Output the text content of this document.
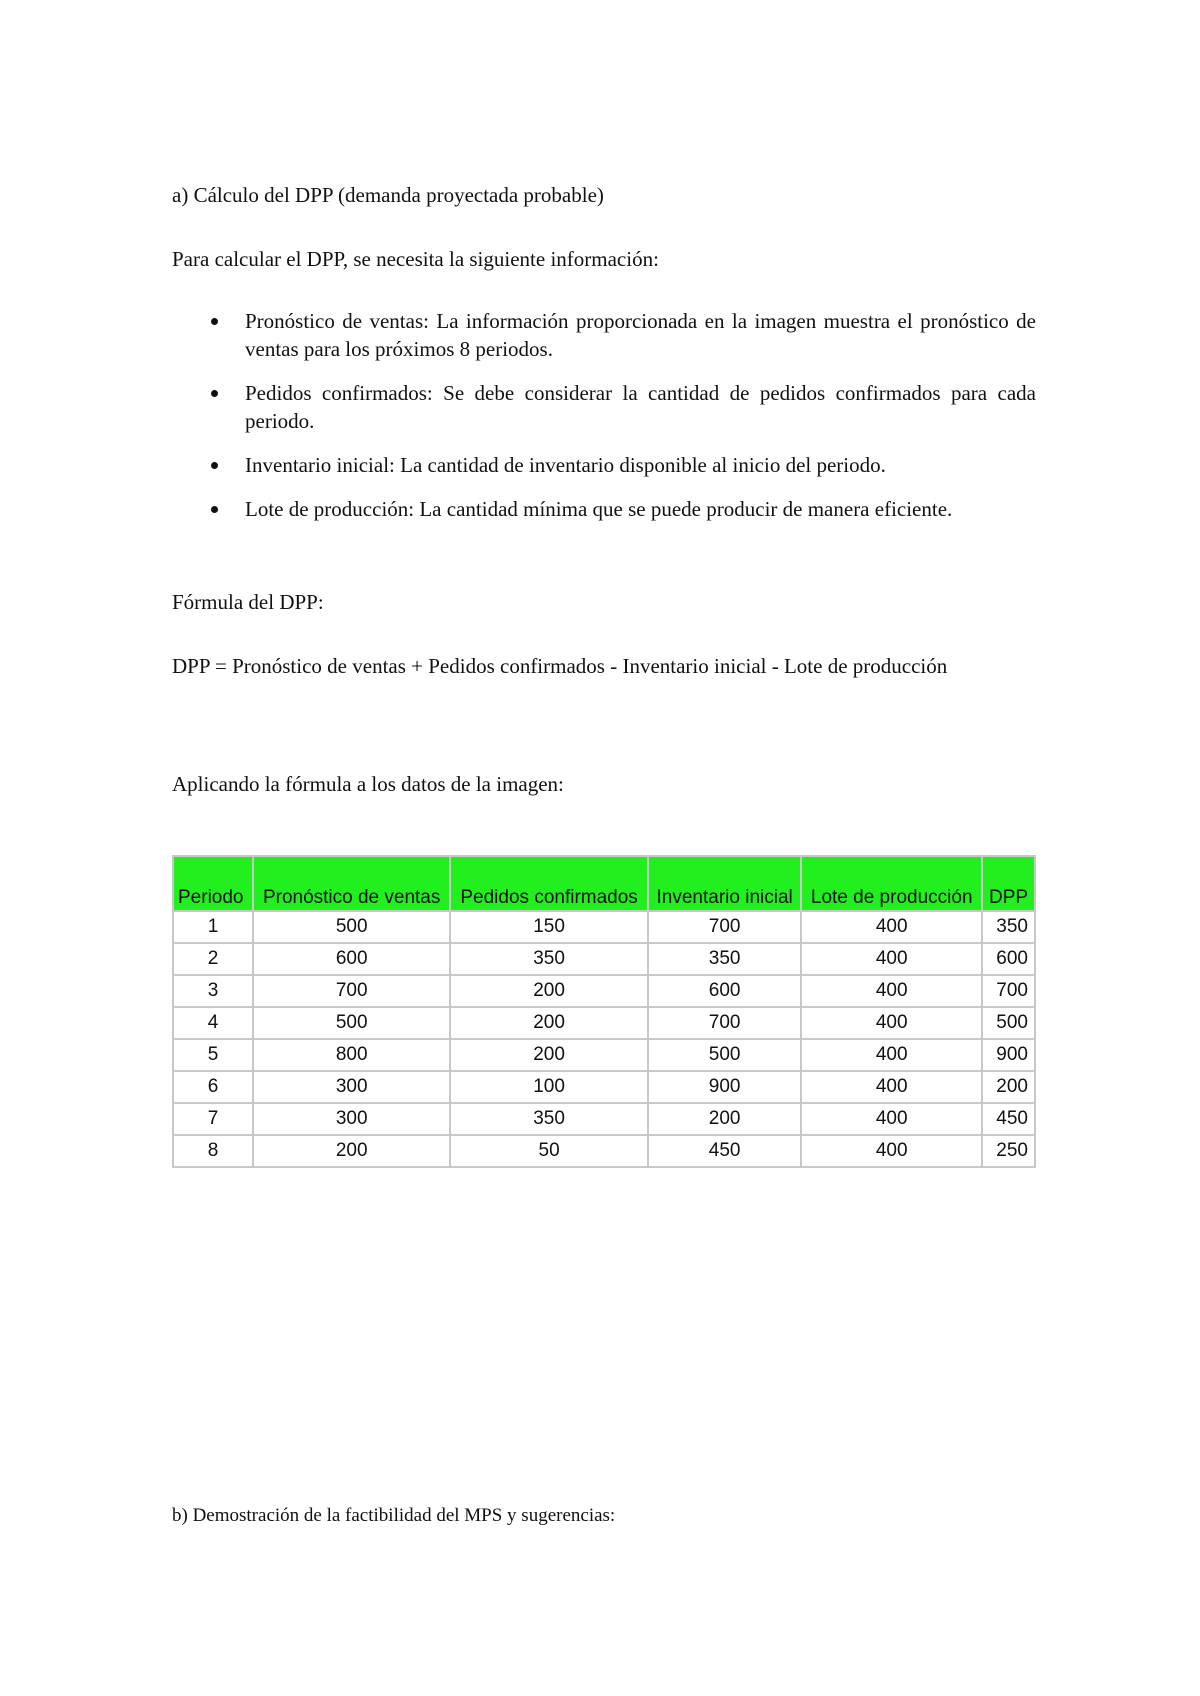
a) Cálculo del DPP (demanda proyectada probable)

Para calcular el DPP, se necesita la siguiente información:

Pronóstico de ventas: La información proporcionada en la imagen muestra el pronóstico de ventas para los próximos 8 periodos.
Pedidos confirmados: Se debe considerar la cantidad de pedidos confirmados para cada periodo.
Inventario inicial: La cantidad de inventario disponible al inicio del periodo.
Lote de producción: La cantidad mínima que se puede producir de manera eficiente.

Fórmula del DPP:

DPP = Pronóstico de ventas + Pedidos confirmados - Inventario inicial - Lote de producción

Aplicando la fórmula a los datos de la imagen:

Periodo	Pronóstico de ventas	Pedidos confirmados	Inventario inicial	Lote de producción	DPP
1	500	150	700	400	350
2	600	350	350	400	600
3	700	200	600	400	700
4	500	200	700	400	500
5	800	200	500	400	900
6	300	100	900	400	200
7	300	350	200	400	450
8	200	50	450	400	250

b) Demostración de la factibilidad del MPS y sugerencias:
